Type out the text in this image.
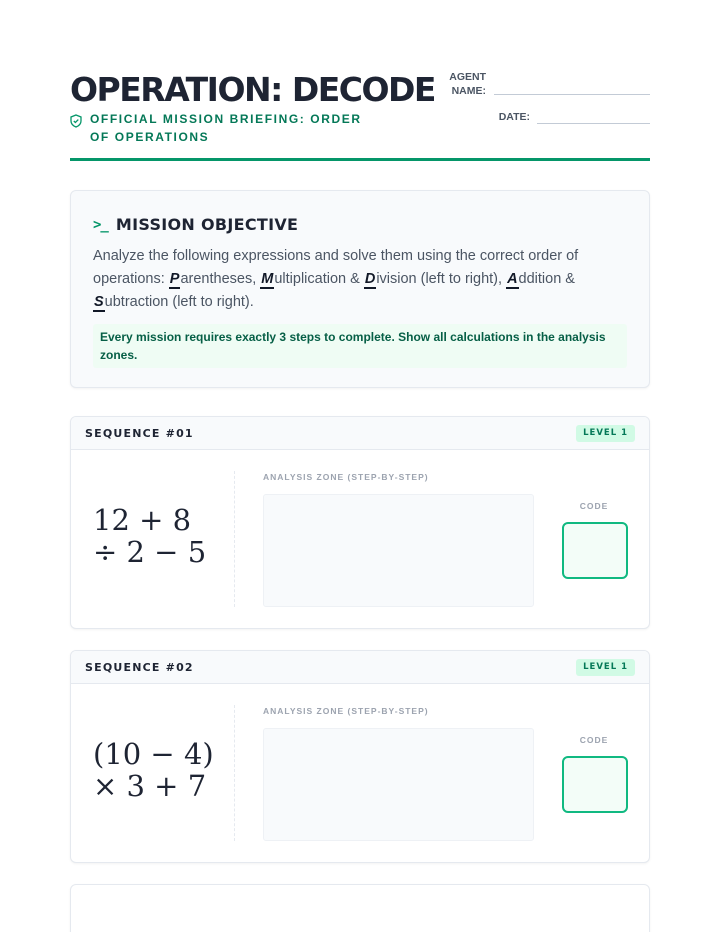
OPERATION: DECODE
OFFICIAL MISSION BRIEFING: ORDER OF OPERATIONS
AGENT NAME:
DATE:
>_ MISSION OBJECTIVE
Analyze the following expressions and solve them using the correct order of operations: Parentheses, Multiplication & Division (left to right), Addition & Subtraction (left to right).
Every mission requires exactly 3 steps to complete. Show all calculations in the analysis zones.
SEQUENCE #01	LEVEL 1
12 + 8
÷ 2 − 5
ANALYSIS ZONE (STEP-BY-STEP)
CODE
SEQUENCE #02	LEVEL 1
(10 − 4)
× 3 + 7
ANALYSIS ZONE (STEP-BY-STEP)
CODE
